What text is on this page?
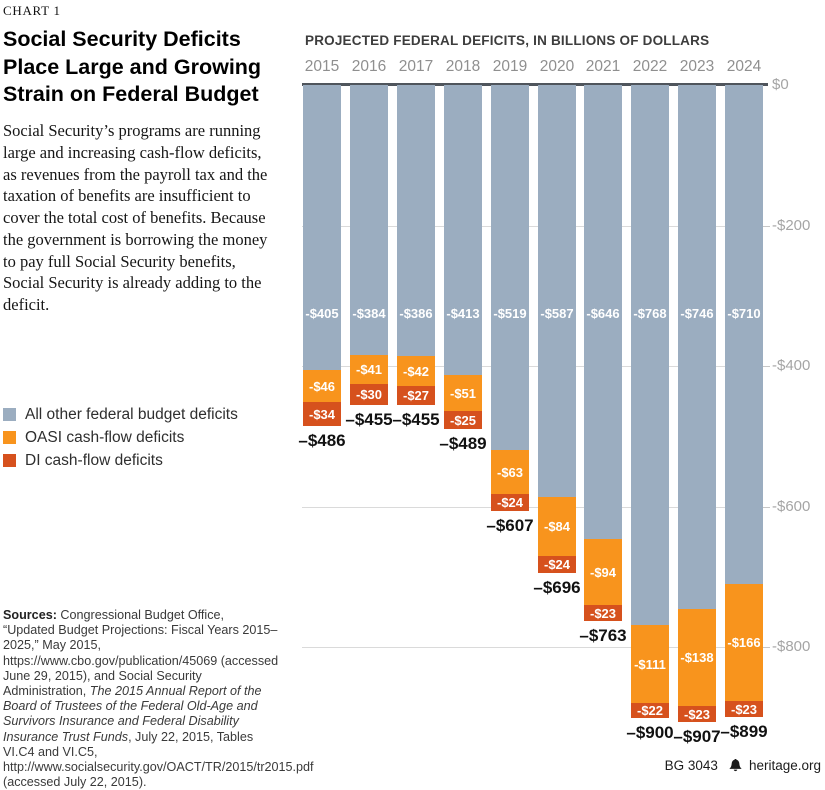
CHART 1
Social Security Deficits
Place Large and Growing
Strain on Federal Budget

Social Security’s programs are running large and increasing cash-flow deficits, as revenues from the payroll tax and the taxation of benefits are insufficient to cover the total cost of benefits. Because the government is borrowing the money to pay full Social Security benefits, Social Security is already adding to the deficit.

All other federal budget deficits
OASI cash-flow deficits
DI cash-flow deficits

Sources: Congressional Budget Office, “Updated Budget Projections: Fiscal Years 2015–2025,” May 2015, https://www.cbo.gov/publication/45069 (accessed June 29, 2015), and Social Security Administration, The 2015 Annual Report of the Board of Trustees of the Federal Old-Age and Survivors Insurance and Federal Disability Insurance Trust Funds, July 22, 2015, Tables VI.C4 and VI.C5, http://www.socialsecurity.gov/OACT/TR/2015/tr2015.pdf (accessed July 22, 2015).

PROJECTED FEDERAL DEFICITS, IN BILLIONS OF DOLLARS
$0
-$200
-$400
-$600
-$800
2015
-$46
-$34
-$405
–$486
2016
-$41
-$30
-$384
–$455
2017
-$42
-$27
-$386
–$455
2018
-$51
-$25
-$413
–$489
2019
-$63
-$24
-$519
–$607
2020
-$84
-$24
-$587
–$696
2021
-$94
-$23
-$646
–$763
2022
-$111
-$22
-$768
–$900
2023
-$138
-$23
-$746
–$907
2024
-$166
-$23
-$710
–$899
BG 3043 heritage.org
